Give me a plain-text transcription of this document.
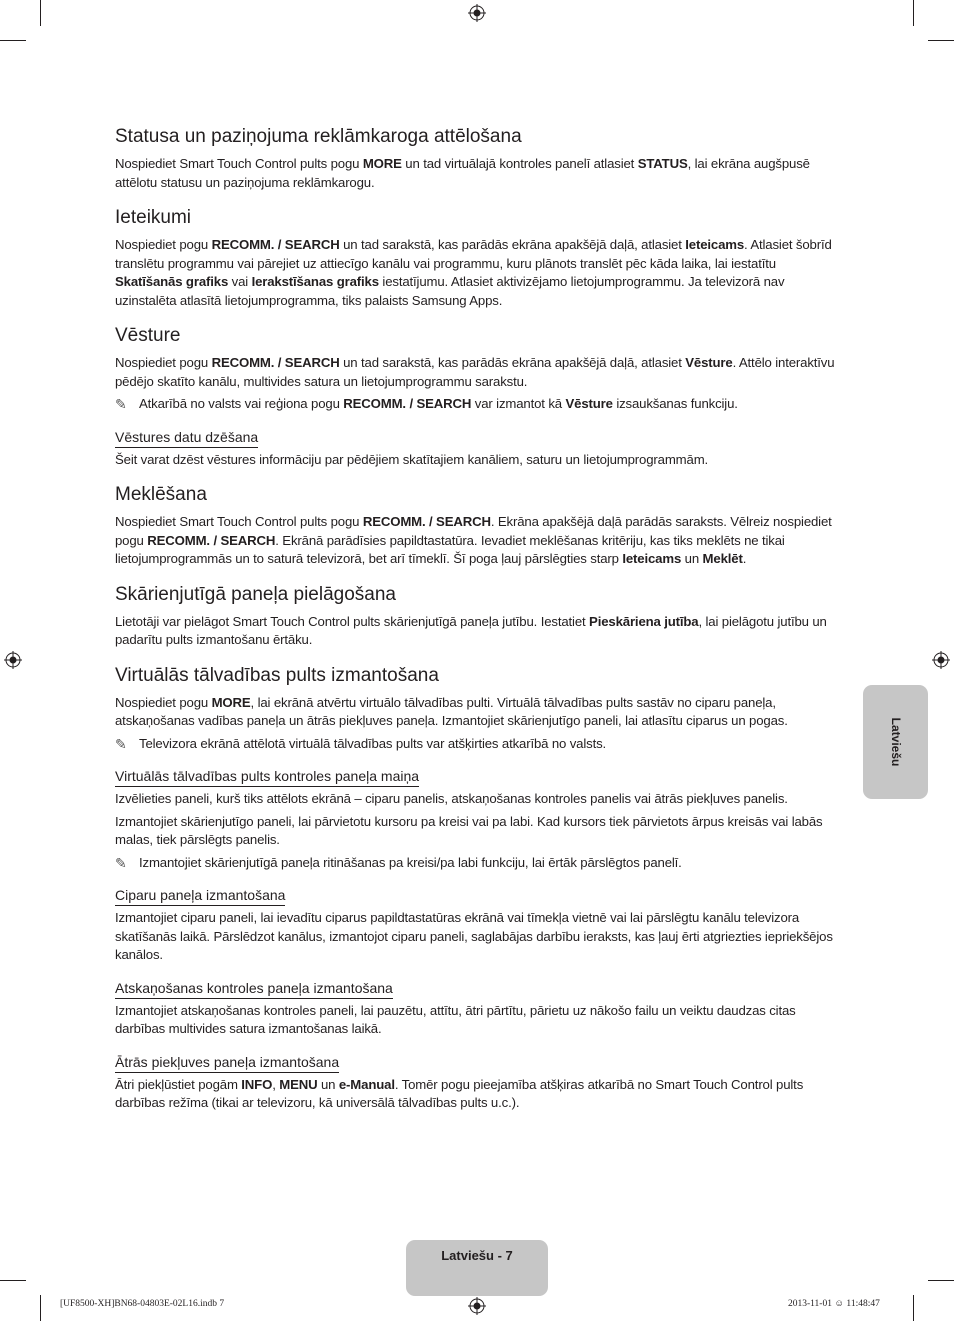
Statusa un paziņojuma reklāmkaroga attēlošana

Nospiediet Smart Touch Control pults pogu MORE un tad virtuālajā kontroles panelī atlasiet STATUS, lai ekrāna augšpusē attēlotu statusu un paziņojuma reklāmkarogu.

Ieteikumi

Nospiediet pogu RECOMM. / SEARCH un tad sarakstā, kas parādās ekrāna apakšējā daļā, atlasiet Ieteicams. Atlasiet šobrīd translētu programmu vai pārejiet uz attiecīgo kanālu vai programmu, kuru plānots translēt pēc kāda laika, lai iestatītu Skatīšanās grafiks vai Ierakstīšanas grafiks iestatījumu. Atlasiet aktivizējamo lietojumprogrammu. Ja televizorā nav uzinstalēta atlasītā lietojumprogramma, tiks palaists Samsung Apps.

Vēsture

Nospiediet pogu RECOMM. / SEARCH un tad sarakstā, kas parādās ekrāna apakšējā daļā, atlasiet Vēsture. Attēlo interaktīvu pēdējo skatīto kanālu, multivides satura un lietojumprogrammu sarakstu.

✎ Atkarībā no valsts vai reģiona pogu RECOMM. / SEARCH var izmantot kā Vēsture izsaukšanas funkciju.

Vēstures datu dzēšana

Šeit varat dzēst vēstures informāciju par pēdējiem skatītajiem kanāliem, saturu un lietojumprogrammām.

Meklēšana

Nospiediet Smart Touch Control pults pogu RECOMM. / SEARCH. Ekrāna apakšējā daļā parādās saraksts. Vēlreiz nospiediet pogu RECOMM. / SEARCH. Ekrānā parādīsies papildtastatūra. Ievadiet meklēšanas kritēriju, kas tiks meklēts ne tikai lietojumprogrammās un to saturā televizorā, bet arī tīmeklī. Šī poga ļauj pārslēgties starp Ieteicams un Meklēt.

Skārienjutīgā paneļa pielāgošana

Lietotāji var pielāgot Smart Touch Control pults skārienjutīgā paneļa jutību. Iestatiet Pieskāriena jutība, lai pielāgotu jutību un padarītu pults izmantošanu ērtāku.

Virtuālās tālvadības pults izmantošana

Nospiediet pogu MORE, lai ekrānā atvērtu virtuālo tālvadības pulti. Virtuālā tālvadības pults sastāv no ciparu paneļa, atskaņošanas vadības paneļa un ātrās piekļuves paneļa. Izmantojiet skārienjutīgo paneli, lai atlasītu ciparus un pogas.

✎ Televizora ekrānā attēlotā virtuālā tālvadības pults var atšķirties atkarībā no valsts.

Virtuālās tālvadības pults kontroles paneļa maiņa

Izvēlieties paneli, kurš tiks attēlots ekrānā – ciparu panelis, atskaņošanas kontroles panelis vai ātrās piekļuves panelis.

Izmantojiet skārienjutīgo paneli, lai pārvietotu kursoru pa kreisi vai pa labi. Kad kursors tiek pārvietots ārpus kreisās vai labās malas, tiek pārslēgts panelis.

✎ Izmantojiet skārienjutīgā paneļa ritināšanas pa kreisi/pa labi funkciju, lai ērtāk pārslēgtos panelī.

Ciparu paneļa izmantošana

Izmantojiet ciparu paneli, lai ievadītu ciparus papildtastatūras ekrānā vai tīmekļa vietnē vai lai pārslēgtu kanālu televizora skatīšanās laikā. Pārslēdzot kanālus, izmantojot ciparu paneli, saglabājas darbību ieraksts, kas ļauj ērti atgriezties iepriekšējos kanālos.

Atskaņošanas kontroles paneļa izmantošana

Izmantojiet atskaņošanas kontroles paneli, lai pauzētu, attītu, ātri pārtītu, pārietu uz nākošo failu un veiktu daudzas citas darbības multivides satura izmantošanas laikā.

Ātrās piekļuves paneļa izmantošana

Ātri piekļūstiet pogām INFO, MENU un e-Manual. Tomēr pogu pieejamība atšķiras atkarībā no Smart Touch Control pults darbības režīma (tikai ar televizoru, kā universālā tālvadības pults u.c.).

Latviešu
Latviešu - 7
[UF8500-XH]BN68-04803E-02L16.indb 7	2013-11-01 ☺ 11:48:47
